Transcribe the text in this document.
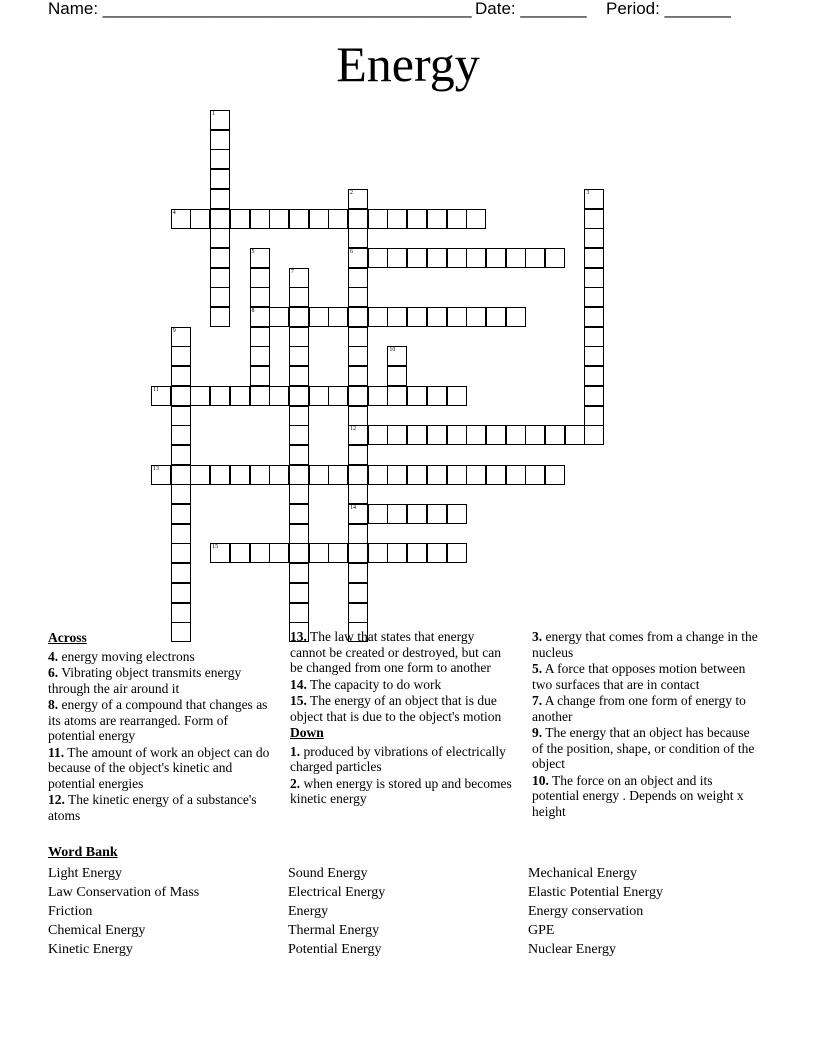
Name: _______________________________________ Date: _______ Period: _______
Energy
1
2
6
12
14
3
4
5
8
7
9
10
11
13
15
Across
4. energy moving electrons
6. Vibrating object transmits energy through the air around it
8. energy of a compound that changes as its atoms are rearranged. Form of potential energy
11. The amount of work an object can do because of the object's kinetic and potential energies
12. The kinetic energy of a substance's atoms
13. The law that states that energy cannot be created or destroyed, but can be changed from one form to another
14. The capacity to do work
15. The energy of an object that is due object that is due to the object's motion
Down
1. produced by vibrations of electrically charged particles
2. when energy is stored up and becomes kinetic energy
3. energy that comes from a change in the nucleus
5. A force that opposes motion between two surfaces that are in contact
7. A change from one form of energy to another
9. The energy that an object has because of the position, shape, or condition of the object
10. The force on an object and its potential energy . Depends on weight x height
Word Bank
Light Energy
Law Conservation of Mass
Friction
Chemical Energy
Kinetic Energy
Sound Energy
Electrical Energy
Energy
Thermal Energy
Potential Energy
Mechanical Energy
Elastic Potential Energy
Energy conservation
GPE
Nuclear Energy
